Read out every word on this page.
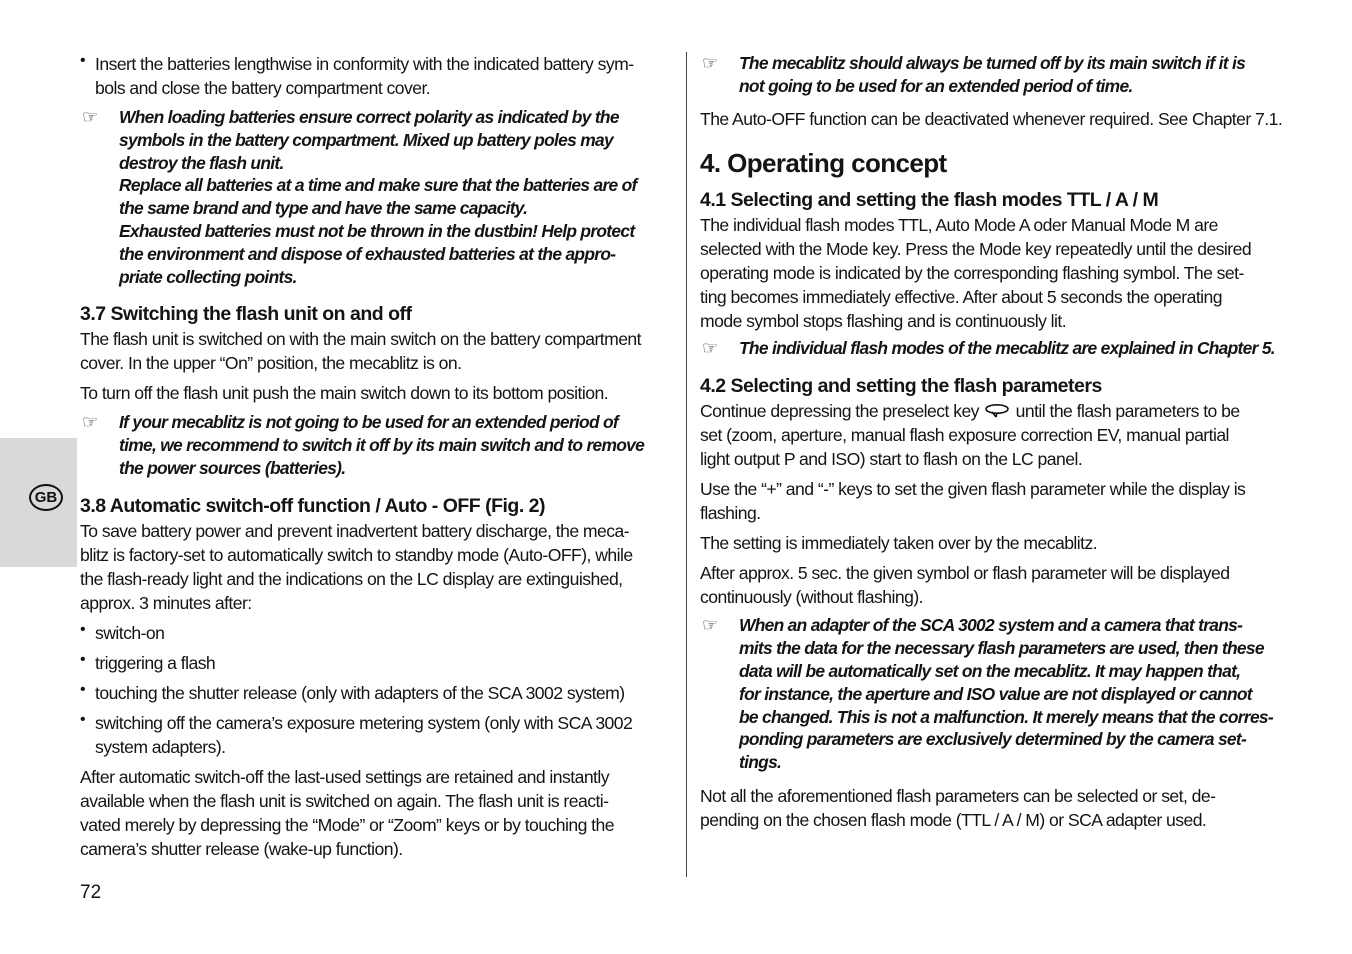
GB
• Insert the batteries lengthwise in conformity with the indicated battery sym-

bols and close the battery compartment cover.

☞ When loading batteries ensure correct polarity as indicated by the

symbols in the battery compartment. Mixed up battery poles may

destroy the flash unit.

Replace all batteries at a time and make sure that the batteries are of

the same brand and type and have the same capacity.

Exhausted batteries must not be thrown in the dustbin! Help protect

the environment and dispose of exhausted batteries at the appro-

priate collecting points.

3.7 Switching the flash unit on and off

The flash unit is switched on with the main switch on the battery compartment

cover. In the upper “On” position, the mecablitz is on.

To turn off the flash unit push the main switch down to its bottom position.

☞ If your mecablitz is not going to be used for an extended period of

time, we recommend to switch it off by its main switch and to remove

the power sources (batteries).

3.8 Automatic switch-off function / Auto - OFF (Fig. 2)

To save battery power and prevent inadvertent battery discharge, the meca-

blitz is factory-set to automatically switch to standby mode (Auto-OFF), while

the flash-ready light and the indications on the LC display are extinguished,

approx. 3 minutes after:

• switch-on

• triggering a flash

• touching the shutter release (only with adapters of the SCA 3002 system)

• switching off the camera’s exposure metering system (only with SCA 3002

system adapters).

After automatic switch-off the last-used settings are retained and instantly

available when the flash unit is switched on again. The flash unit is reacti-

vated merely by depressing the “Mode” or “Zoom” keys or by touching the

camera’s shutter release (wake-up function).

☞ The mecablitz should always be turned off by its main switch if it is

not going to be used for an extended period of time.

The Auto-OFF function can be deactivated whenever required. See Chapter 7.1.

4. Operating concept
4.1 Selecting and setting the flash modes TTL / A / M

The individual flash modes TTL, Auto Mode A oder Manual Mode M are

selected with the Mode key. Press the Mode key repeatedly until the desired

operating mode is indicated by the corresponding flashing symbol. The set-

ting becomes immediately effective. After about 5 seconds the operating

mode symbol stops flashing and is continuously lit.

☞ The individual flash modes of the mecablitz are explained in Chapter 5.

4.2 Selecting and setting the flash parameters

Continue depressing the preselect key until the flash parameters to be

set (zoom, aperture, manual flash exposure correction EV, manual partial

light output P and ISO) start to flash on the LC panel.

Use the “+” and “-” keys to set the given flash parameter while the display is

flashing.

The setting is immediately taken over by the mecablitz.

After approx. 5 sec. the given symbol or flash parameter will be displayed

continuously (without flashing).

☞ When an adapter of the SCA 3002 system and a camera that trans-

mits the data for the necessary flash parameters are used, then these

data will be automatically set on the mecablitz. It may happen that,

for instance, the aperture and ISO value are not displayed or cannot

be changed. This is not a malfunction. It merely means that the corres-

ponding parameters are exclusively determined by the camera set-

tings.

Not all the aforementioned flash parameters can be selected or set, de-

pending on the chosen flash mode (TTL / A / M) or SCA adapter used.

72
